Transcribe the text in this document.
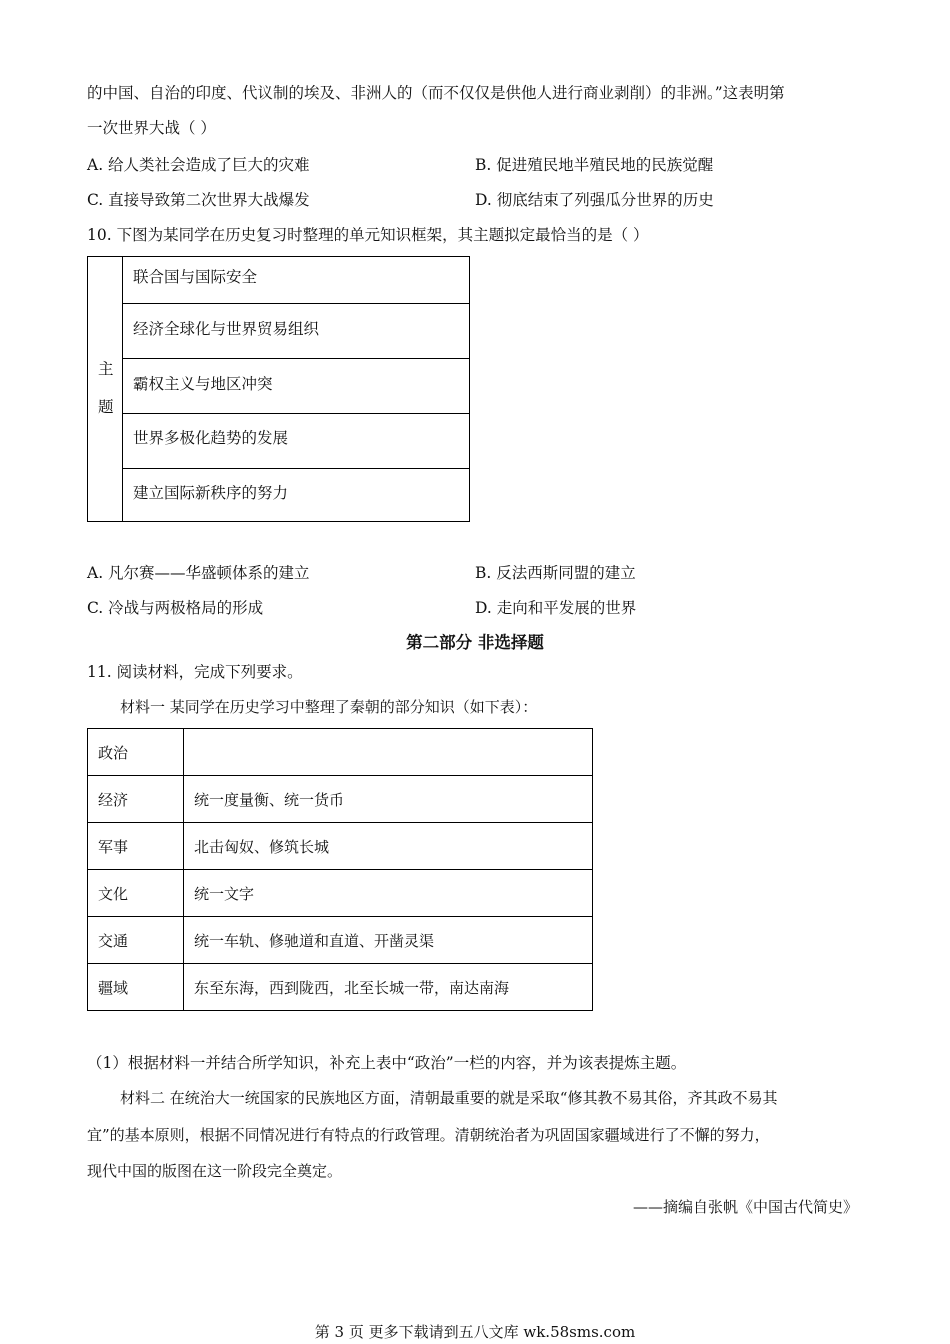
的中国、自治的印度、代议制的埃及、非洲人的（而不仅仅是供他人进行商业剥削）的非洲。”这表明第
一次世界大战（ ）
A. 给人类社会造成了巨大的灾难	B. 促进殖民地半殖民地的民族觉醒
C. 直接导致第二次世界大战爆发	D. 彻底结束了列强瓜分世界的历史
10. 下图为某同学在历史复习时整理的单元知识框架，其主题拟定最恰当的是（ ）
主
题
联合国与国际安全
经济全球化与世界贸易组织
霸权主义与地区冲突
世界多极化趋势的发展
建立国际新秩序的努力
A. 凡尔赛——华盛顿体系的建立	B. 反法西斯同盟的建立
C. 冷战与两极格局的形成	D. 走向和平发展的世界
第二部分 非选择题
11. 阅读材料，完成下列要求。
材料一 某同学在历史学习中整理了秦朝的部分知识（如下表）：
政治	
经济	统一度量衡、统一货币
军事	北击匈奴、修筑长城
文化	统一文字
交通	统一车轨、修驰道和直道、开凿灵渠
疆域	东至东海，西到陇西，北至长城一带，南达南海
（1）根据材料一并结合所学知识，补充上表中“政治”一栏的内容，并为该表提炼主题。
材料二 在统治大一统国家的民族地区方面，清朝最重要的就是采取“修其教不易其俗，齐其政不易其
宜”的基本原则，根据不同情况进行有特点的行政管理。清朝统治者为巩固国家疆域进行了不懈的努力，
现代中国的版图在这一阶段完全奠定。
——摘编自张帆《中国古代简史》
第 3 页 更多下载请到五八文库 wk.58sms.com
